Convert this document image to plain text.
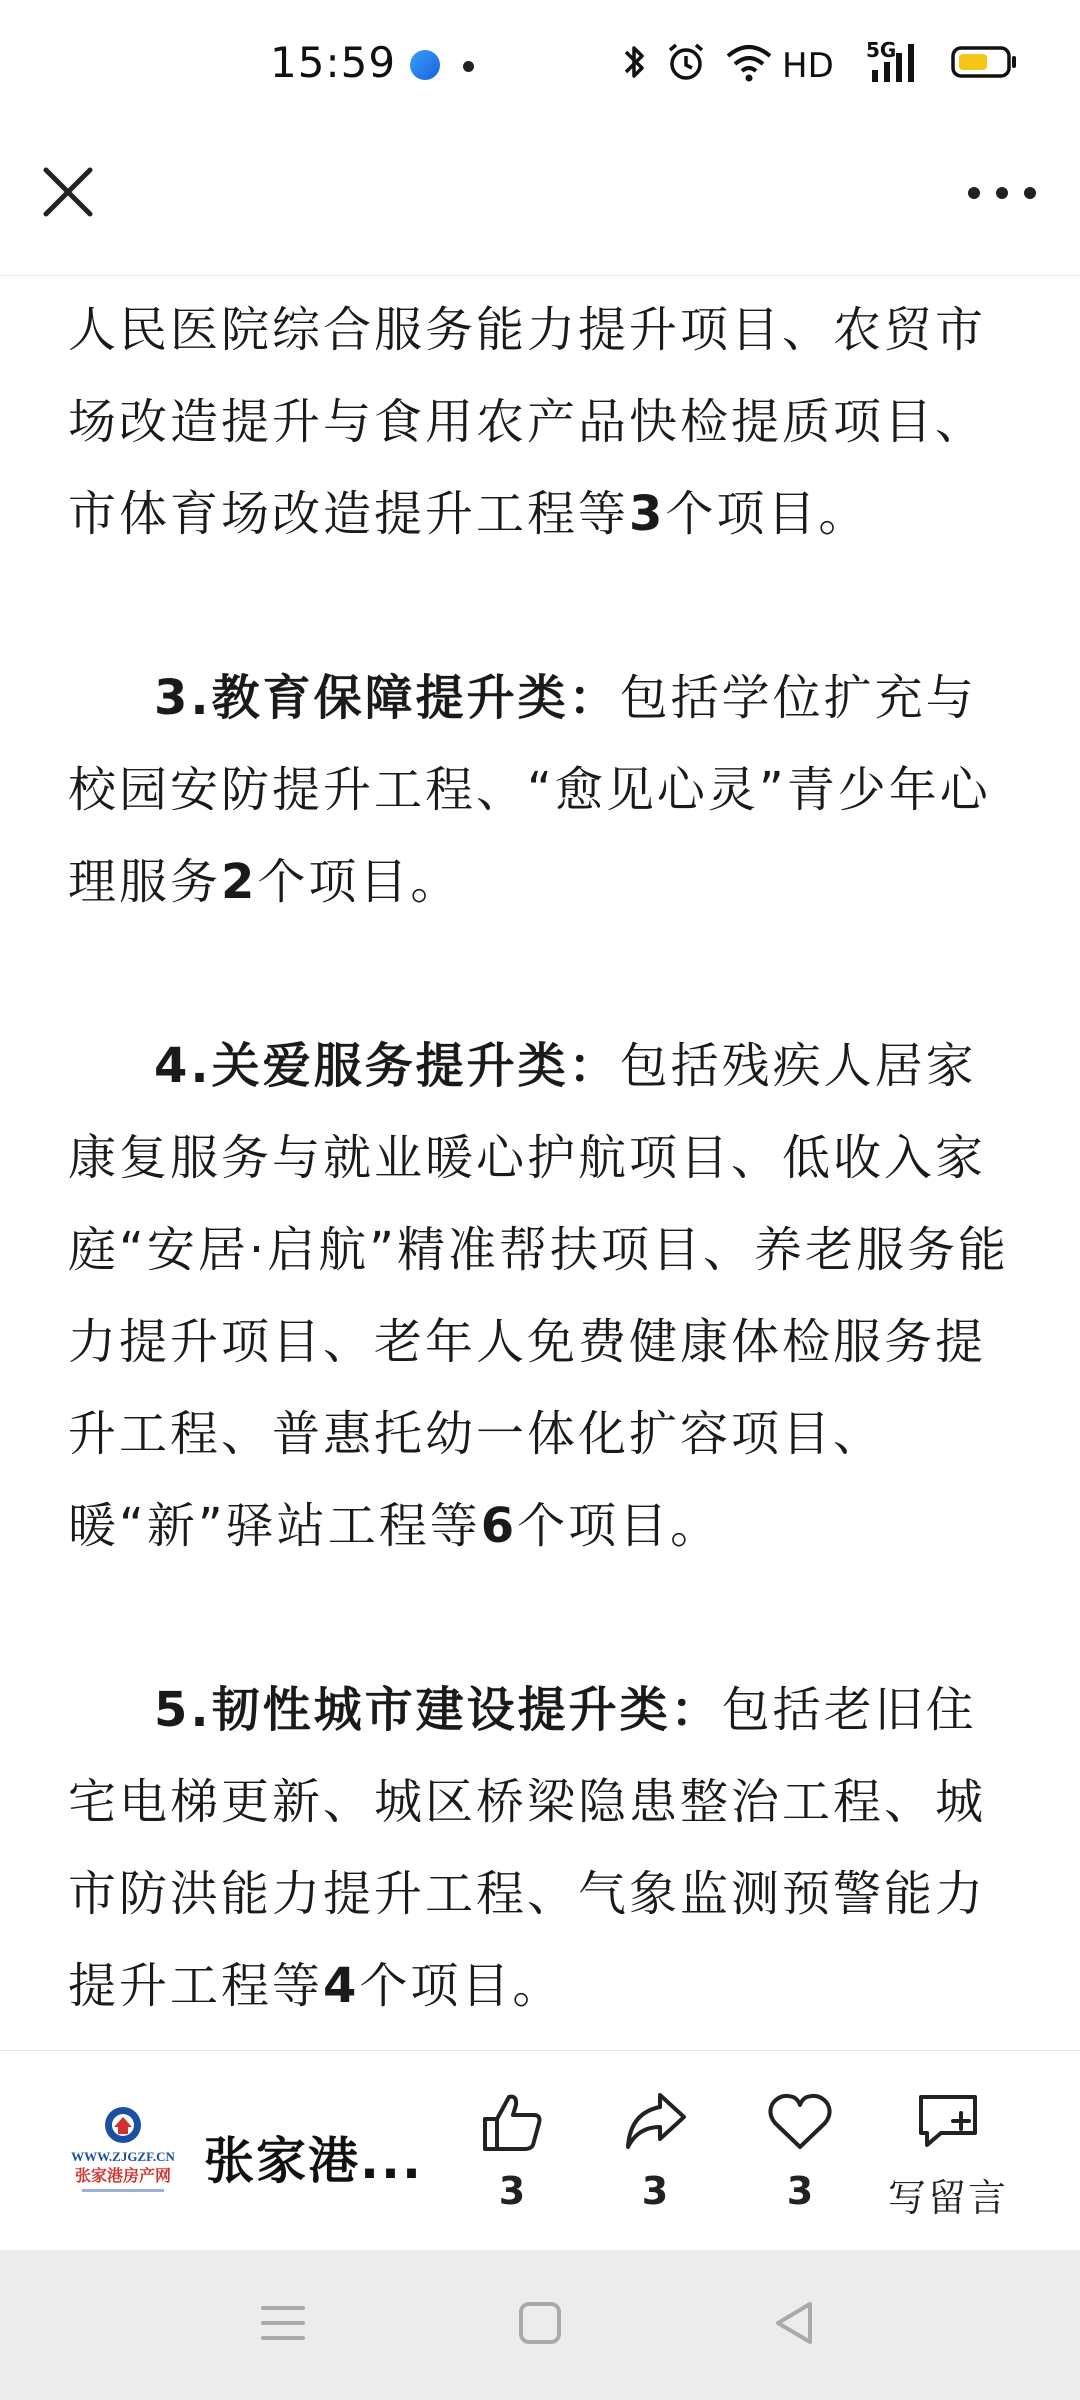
15:59	HD 5G

人民医院综合服务能力提升项目、农贸市场改造提升与食用农产品快检提质项目、市体育场改造提升工程等3个项目。

3.教育保障提升类：包括学位扩充与校园安防提升工程、“愈见心灵”青少年心理服务2个项目。

4.关爱服务提升类：包括残疾人居家康复服务与就业暖心护航项目、低收入家庭“安居·启航”精准帮扶项目、养老服务能力提升项目、老年人免费健康体检服务提升工程、普惠托幼一体化扩容项目、暖“新”驿站工程等6个项目。

5.韧性城市建设提升类：包括老旧住宅电梯更新、城区桥梁隐患整治工程、城市防洪能力提升工程、气象监测预警能力提升工程等4个项目。

WWW.ZJGZF.CN
张家港房产网 张家港...
3	3	3	写留言
